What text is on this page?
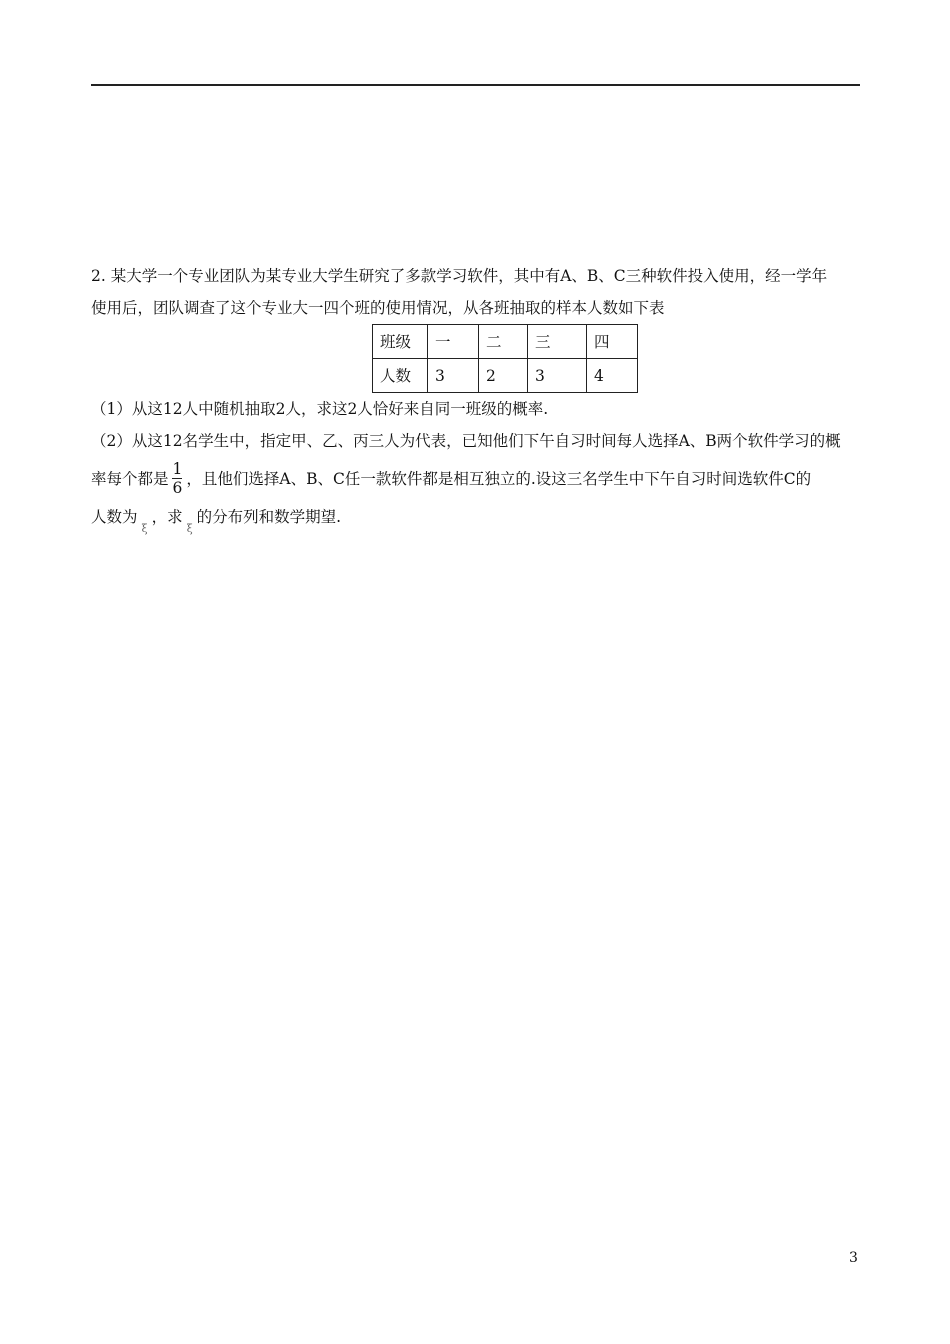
2. 某大学一个专业团队为某专业大学生研究了多款学习软件，其中有A、B、C三种软件投入使用，经一学年
使用后，团队调查了这个专业大一四个班的使用情况，从各班抽取的样本人数如下表
班级	一	二	三	四
人数	3	2	3	4
（1）从这12人中随机抽取2人，求这2人恰好来自同一班级的概率.
（2）从这12名学生中，指定甲、乙、丙三人为代表，已知他们下午自习时间每人选择A、B两个软件学习的概
率每个都是 $\frac{1}{6}$ ，且他们选择A、B、C任一款软件都是相互独立的.设这三名学生中下午自习时间选软件C的
人数为ξ，求ξ的分布列和数学期望.
3
